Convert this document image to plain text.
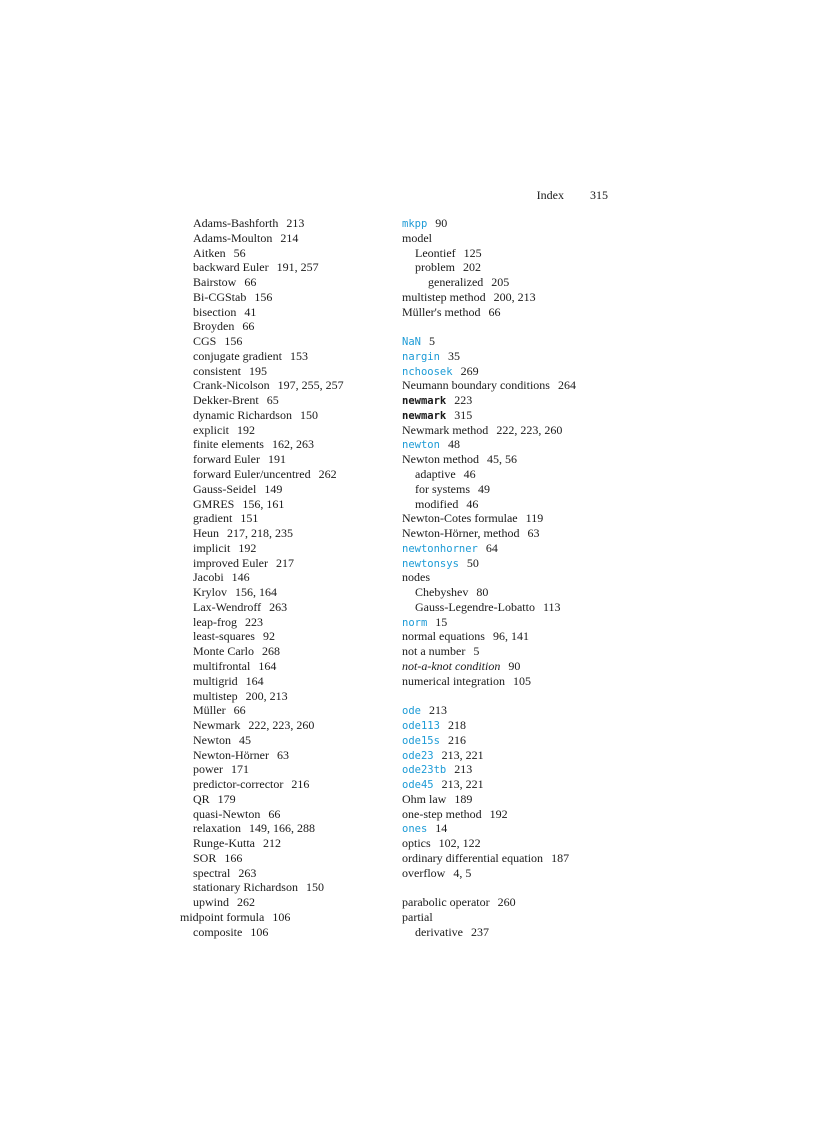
Index 315
Adams-Bashforth 213
Adams-Moulton 214
Aitken 56
backward Euler 191, 257
Bairstow 66
Bi-CGStab 156
bisection 41
Broyden 66
CGS 156
conjugate gradient 153
consistent 195
Crank-Nicolson 197, 255, 257
Dekker-Brent 65
dynamic Richardson 150
explicit 192
finite elements 162, 263
forward Euler 191
forward Euler/uncentred 262
Gauss-Seidel 149
GMRES 156, 161
gradient 151
Heun 217, 218, 235
implicit 192
improved Euler 217
Jacobi 146
Krylov 156, 164
Lax-Wendroff 263
leap-frog 223
least-squares 92
Monte Carlo 268
multifrontal 164
multigrid 164
multistep 200, 213
Müller 66
Newmark 222, 223, 260
Newton 45
Newton-Hörner 63
power 171
predictor-corrector 216
QR 179
quasi-Newton 66
relaxation 149, 166, 288
Runge-Kutta 212
SOR 166
spectral 263
stationary Richardson 150
upwind 262
midpoint formula 106
composite 106
mkpp 90
model
Leontief 125
problem 202
generalized 205
multistep method 200, 213
Müller's method 66
NaN 5
nargin 35
nchoosek 269
Neumann boundary conditions 264
newmark 223
newmark 315
Newmark method 222, 223, 260
newton 48
Newton method 45, 56
adaptive 46
for systems 49
modified 46
Newton-Cotes formulae 119
Newton-Hörner, method 63
newtonhorner 64
newtonsys 50
nodes
Chebyshev 80
Gauss-Legendre-Lobatto 113
norm 15
normal equations 96, 141
not a number 5
not-a-knot condition 90
numerical integration 105
ode 213
ode113 218
ode15s 216
ode23 213, 221
ode23tb 213
ode45 213, 221
Ohm law 189
one-step method 192
ones 14
optics 102, 122
ordinary differential equation 187
overflow 4, 5
parabolic operator 260
partial
derivative 237
